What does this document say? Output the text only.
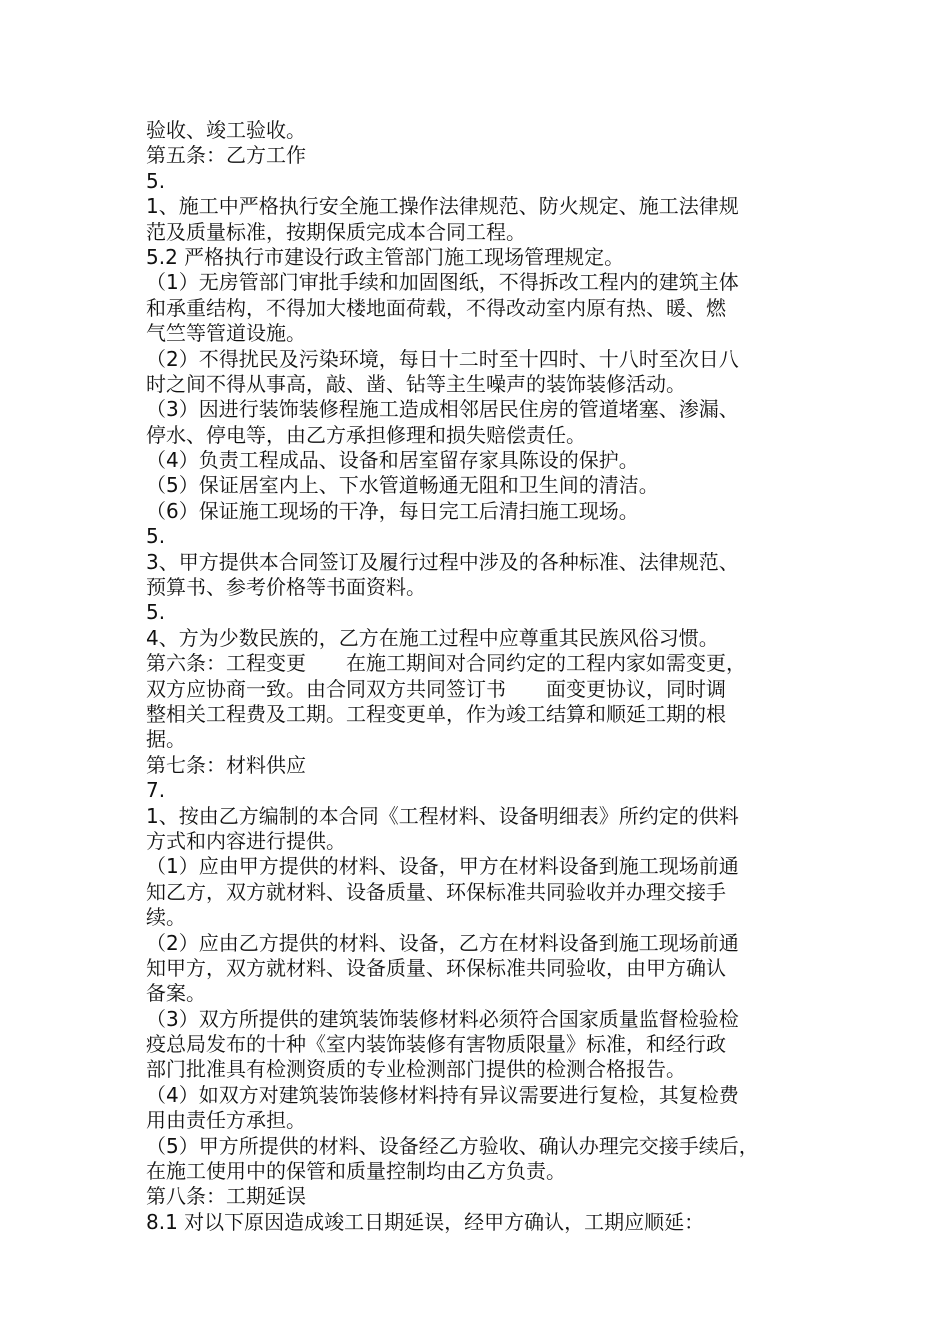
验收、竣工验收。
第五条：乙方工作
5.
1、施工中严格执行安全施工操作法律规范、防火规定、施工法律规
范及质量标准，按期保质完成本合同工程。
5.2 严格执行市建设行政主管部门施工现场管理规定。
（1）无房管部门审批手续和加固图纸，不得拆改工程内的建筑主体
和承重结构，不得加大楼地面荷载，不得改动室内原有热、暖、燃
气竺等管道设施。
（2）不得扰民及污染环境，每日十二时至十四时、十八时至次日八
时之间不得从事高，敲、凿、钻等主生噪声的装饰装修活动。
（3）因进行装饰装修程施工造成相邻居民住房的管道堵塞、渗漏、
停水、停电等，由乙方承担修理和损失赔偿责任。
（4）负责工程成品、设备和居室留存家具陈设的保护。
（5）保证居室内上、下水管道畅通无阻和卫生间的清洁。
（6）保证施工现场的干净，每日完工后清扫施工现场。
5.
3、甲方提供本合同签订及履行过程中涉及的各种标准、法律规范、
预算书、参考价格等书面资料。
5.
4、方为少数民族的，乙方在施工过程中应尊重其民族风俗习惯。
第六条：工程变更　　在施工期间对合同约定的工程内家如需变更，
双方应协商一致。由合同双方共同签订书　　面变更协议，同时调
整相关工程费及工期。工程变更单，作为竣工结算和顺延工期的根
据。
第七条：材料供应
7.
1、按由乙方编制的本合同《工程材料、设备明细表》所约定的供料
方式和内容进行提供。
（1）应由甲方提供的材料、设备，甲方在材料设备到施工现场前通
知乙方，双方就材料、设备质量、环保标准共同验收并办理交接手
续。
（2）应由乙方提供的材料、设备，乙方在材料设备到施工现场前通
知甲方，双方就材料、设备质量、环保标准共同验收，由甲方确认
备案。
（3）双方所提供的建筑装饰装修材料必须符合国家质量监督检验检
疫总局发布的十种《室内装饰装修有害物质限量》标准，和经行政
部门批准具有检测资质的专业检测部门提供的检测合格报告。
（4）如双方对建筑装饰装修材料持有异议需要进行复检，其复检费
用由责任方承担。
（5）甲方所提供的材料、设备经乙方验收、确认办理完交接手续后，
在施工使用中的保管和质量控制均由乙方负责。
第八条：工期延误
8.1 对以下原因造成竣工日期延误，经甲方确认，工期应顺延：
